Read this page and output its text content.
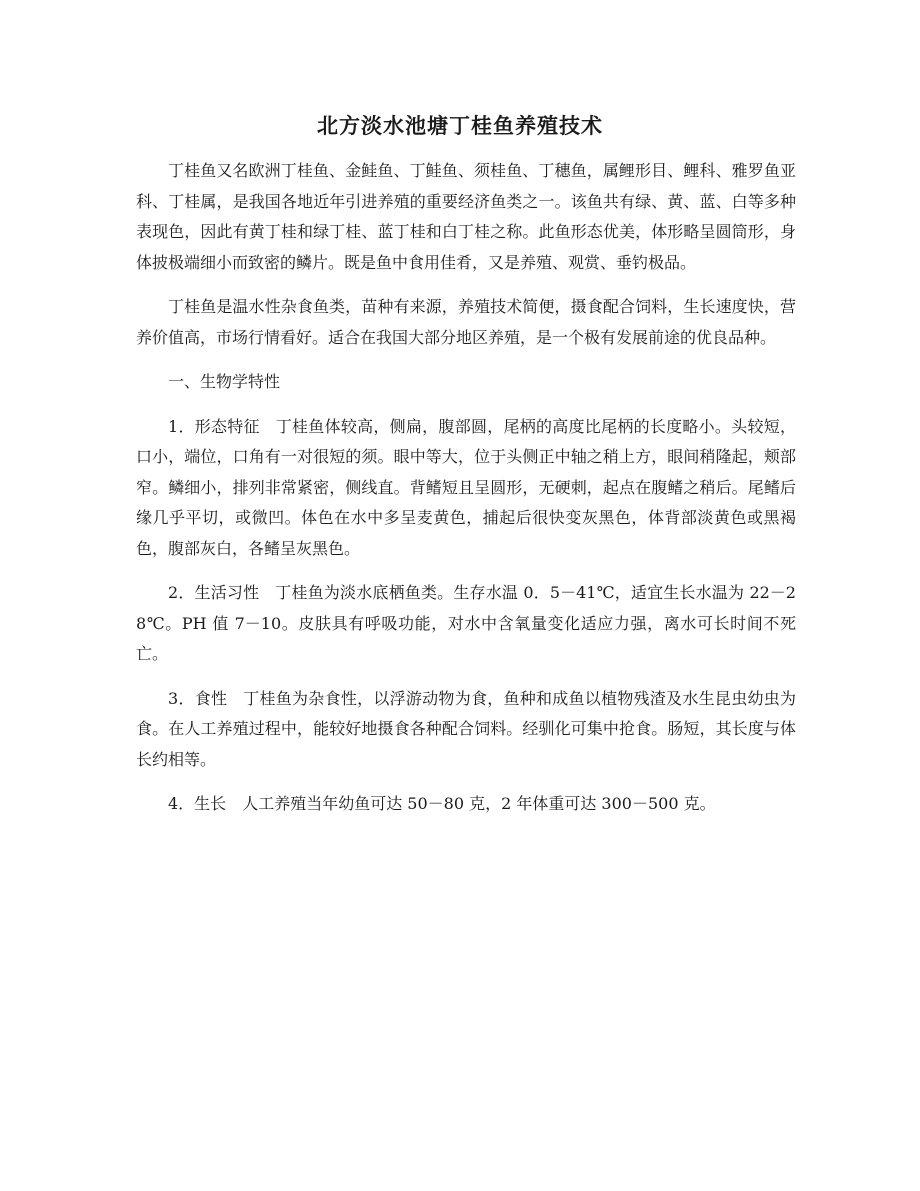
北方淡水池塘丁桂鱼养殖技术

丁桂鱼又名欧洲丁桂鱼、金鲑鱼、丁鲑鱼、须桂鱼、丁穗鱼，属鲤形目、鲤科、雅罗鱼亚科、丁桂属，是我国各地近年引进养殖的重要经济鱼类之一。该鱼共有绿、黄、蓝、白等多种表现色，因此有黄丁桂和绿丁桂、蓝丁桂和白丁桂之称。此鱼形态优美，体形略呈圆筒形，身体披极端细小而致密的鳞片。既是鱼中食用佳肴，又是养殖、观赏、垂钓极品。

丁桂鱼是温水性杂食鱼类，苗种有来源，养殖技术简便，摄食配合饲料，生长速度快，营养价值高，市场行情看好。适合在我国大部分地区养殖，是一个极有发展前途的优良品种。

一、生物学特性

1．形态特征 丁桂鱼体较高，侧扁，腹部圆，尾柄的高度比尾柄的长度略小。头较短，口小，端位，口角有一对很短的须。眼中等大，位于头侧正中轴之稍上方，眼间稍隆起，颊部窄。鳞细小，排列非常紧密，侧线直。背鳍短且呈圆形，无硬刺，起点在腹鳍之稍后。尾鳍后缘几乎平切，或微凹。体色在水中多呈麦黄色，捕起后很快变灰黑色，体背部淡黄色或黑褐色，腹部灰白，各鳍呈灰黑色。

2．生活习性 丁桂鱼为淡水底栖鱼类。生存水温 0．5－41℃，适宜生长水温为 22－28℃。PH 值 7－10。皮肤具有呼吸功能，对水中含氧量变化适应力强，离水可长时间不死亡。

3．食性 丁桂鱼为杂食性，以浮游动物为食，鱼种和成鱼以植物残渣及水生昆虫幼虫为食。在人工养殖过程中，能较好地摄食各种配合饲料。经驯化可集中抢食。肠短，其长度与体长约相等。

4．生长 人工养殖当年幼鱼可达 50－80 克，2 年体重可达 300－500 克。
